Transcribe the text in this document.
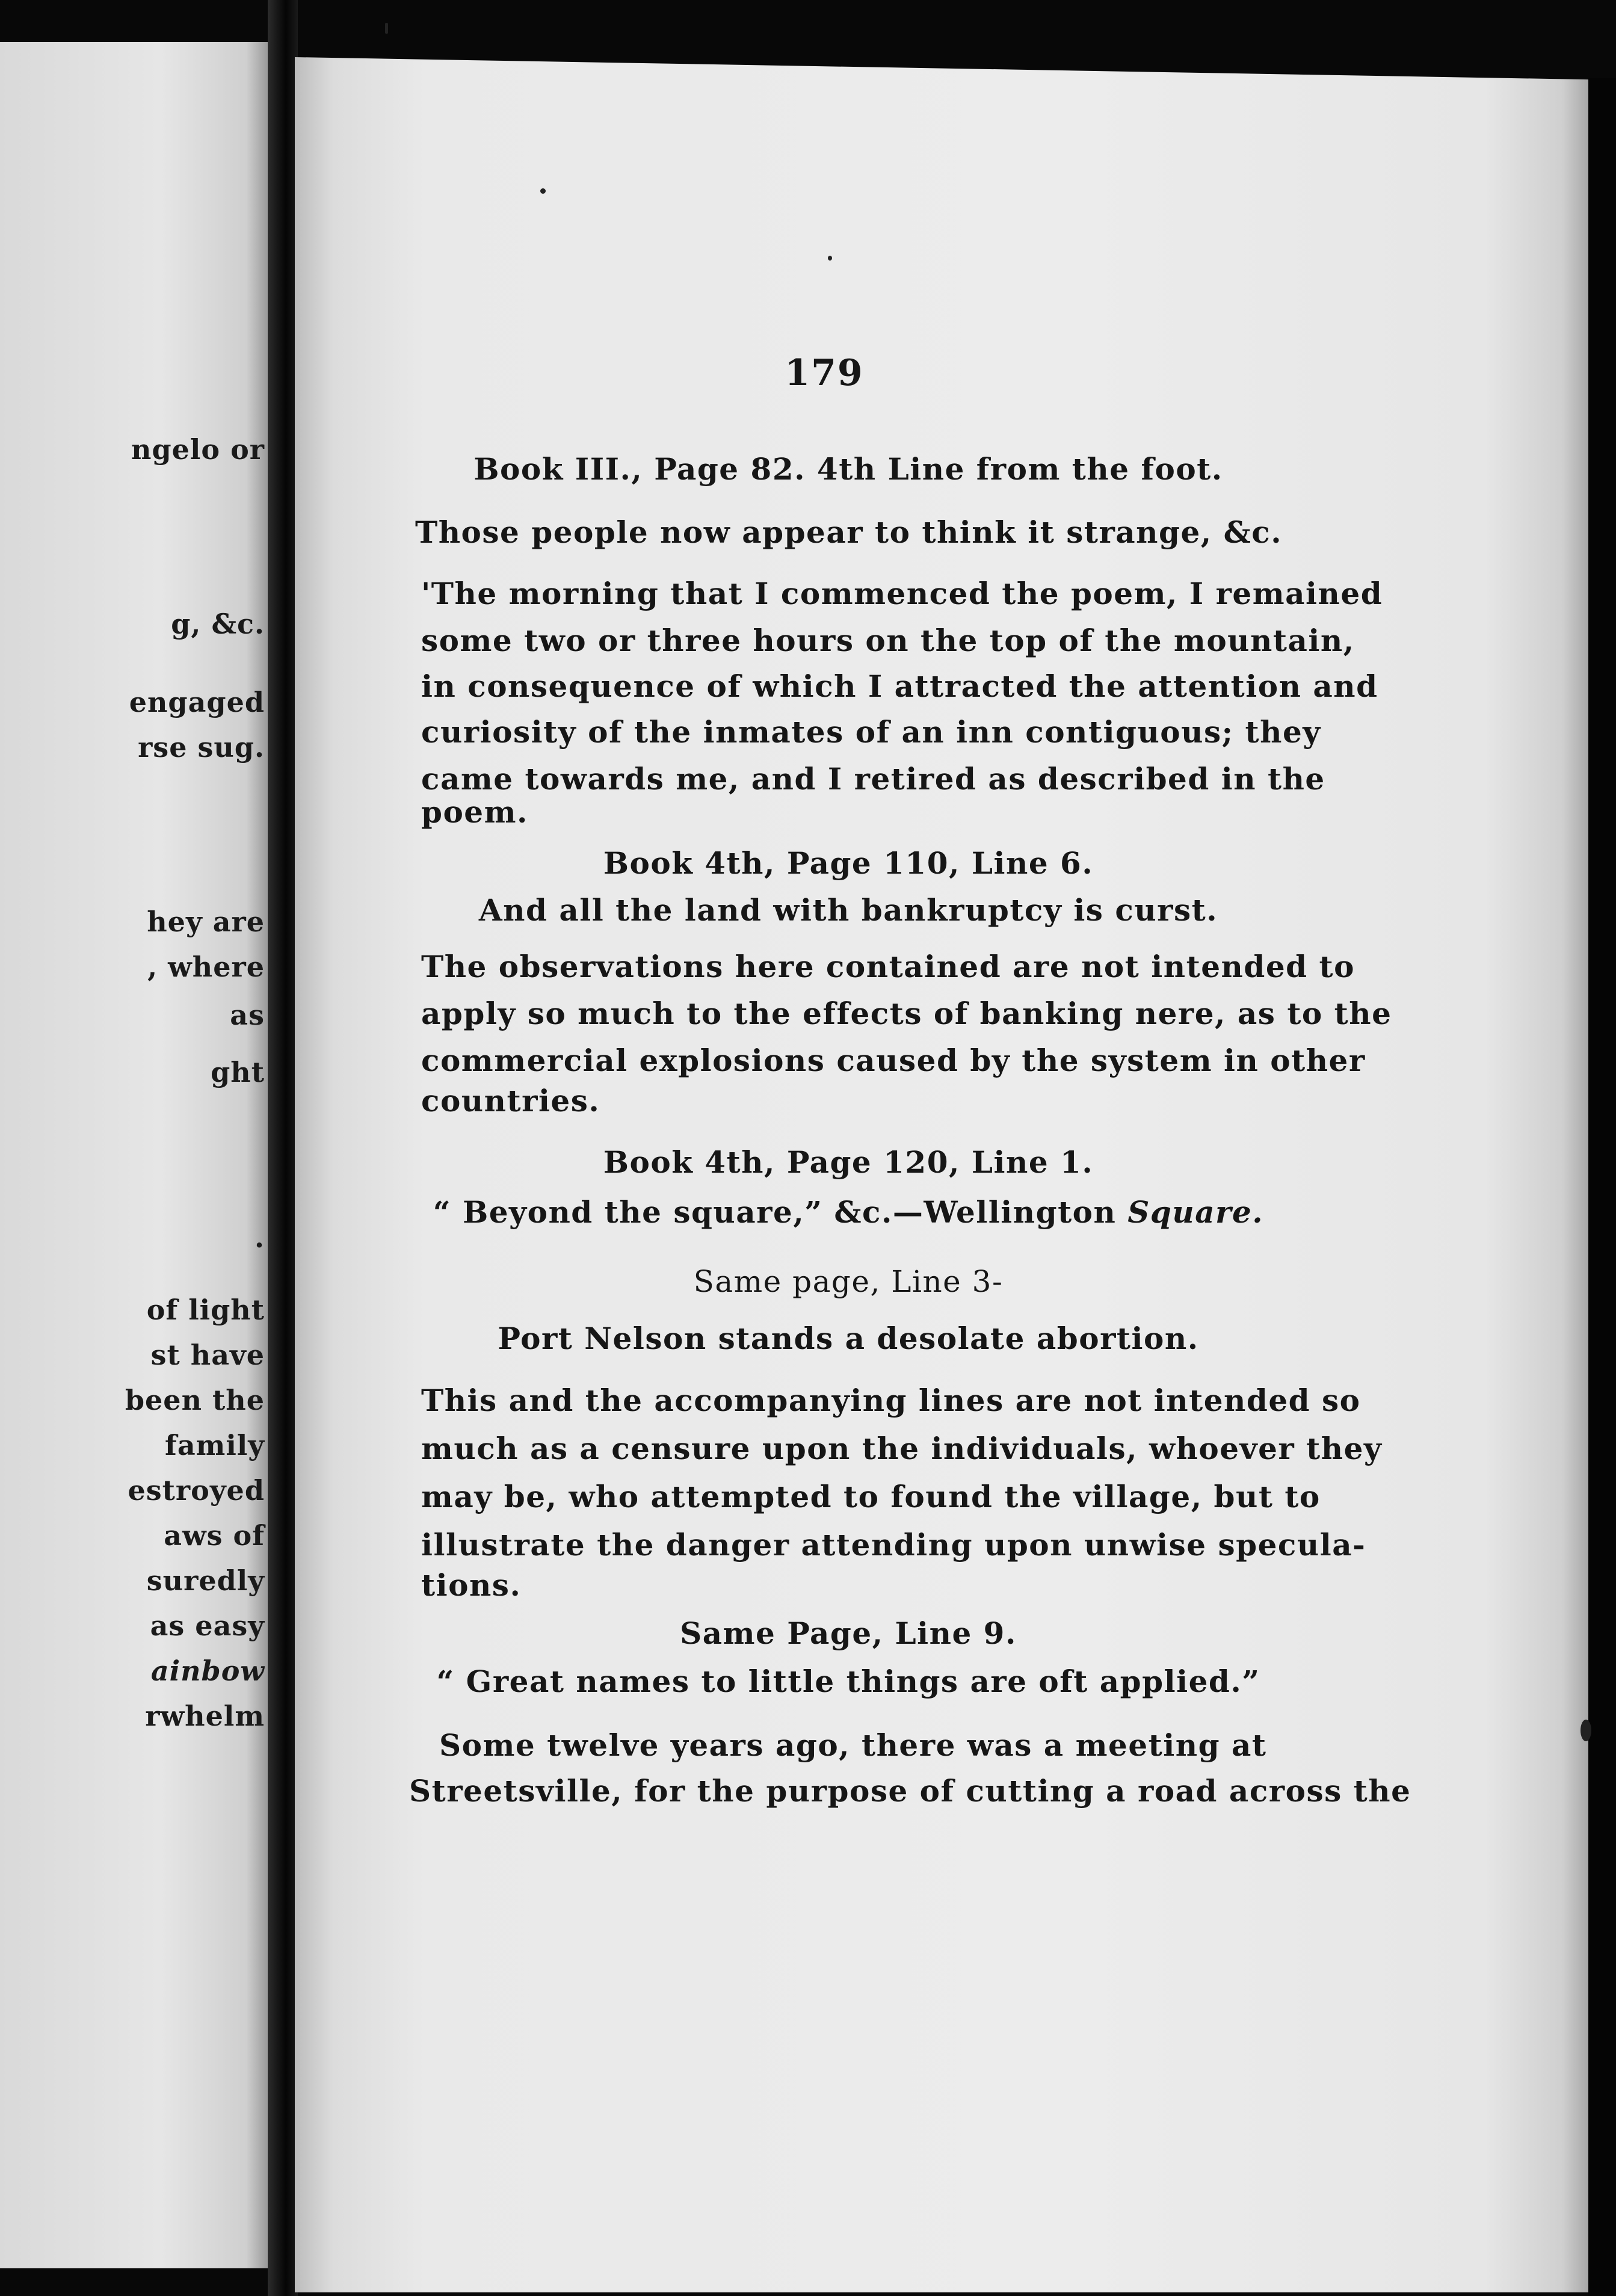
ngelo or
g, &c.
engaged
rse sug.
hey are
, where
as
ght
.
of light
st have
been the
family
estroyed
aws of
suredly
as easy
ainbow
rwhelm
179
Book III., Page 82. 4th Line from the foot.
Those people now appear to think it strange, &c.
'The morning that I commenced the poem, I remained
some two or three hours on the top of the mountain,
in consequence of which I attracted the attention and
curiosity of the inmates of an inn contiguous; they
came towards me, and I retired as described in the
poem.
Book 4th, Page 110, Line 6.
And all the land with bankruptcy is curst.
The observations here contained are not intended to
apply so much to the effects of banking nere, as to the
commercial explosions caused by the system in other
countries.
Book 4th, Page 120, Line 1.
“ Beyond the square,” &c.—Wellington Square.
Same page, Line 3-
Port Nelson stands a desolate abortion.
This and the accompanying lines are not intended so
much as a censure upon the individuals, whoever they
may be, who attempted to found the village, but to
illustrate the danger attending upon unwise specula-
tions.
Same Page, Line 9.
“ Great names to little things are oft applied.”
Some twelve years ago, there was a meeting at
Streetsville, for the purpose of cutting a road across the
